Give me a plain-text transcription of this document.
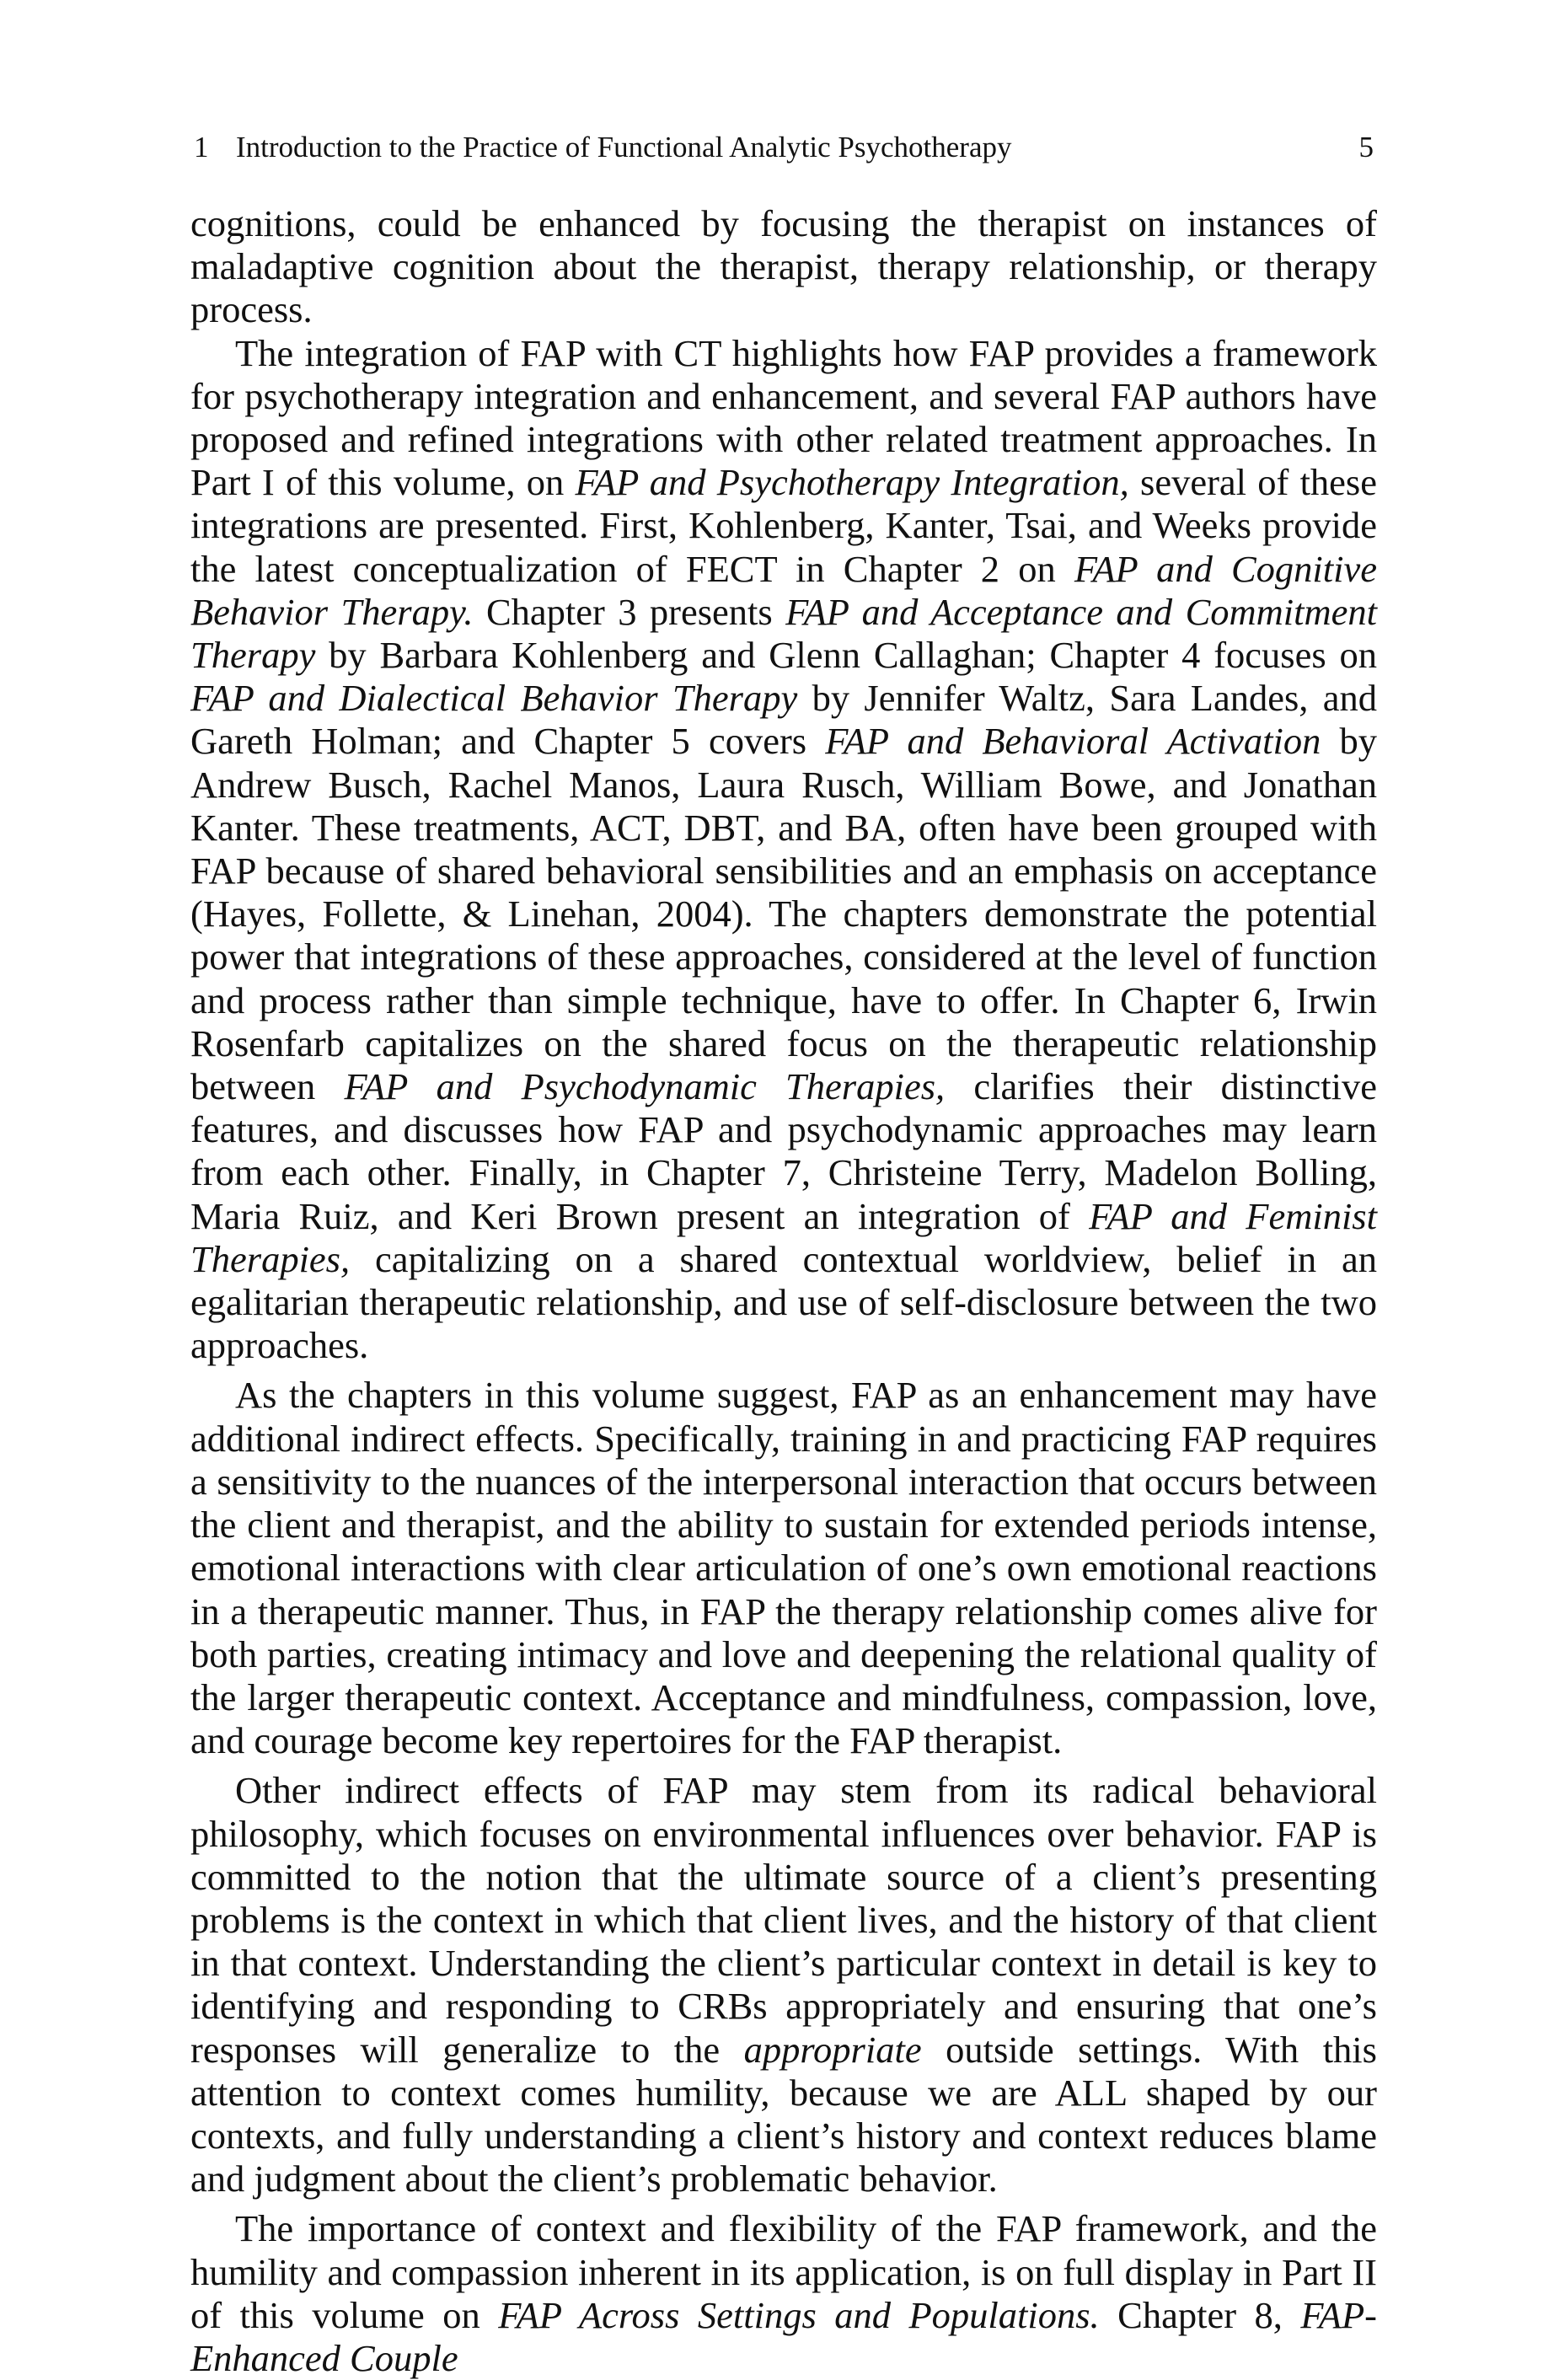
1 Introduction to the Practice of Functional Analytic Psychotherapy	5

cognitions, could be enhanced by focusing the therapist on instances of maladaptive cognition about the therapist, therapy relationship, or therapy process.

The integration of FAP with CT highlights how FAP provides a framework for psychotherapy integration and enhancement, and several FAP authors have proposed and refined integrations with other related treatment approaches. In Part I of this volume, on FAP and Psychotherapy Integration, several of these integrations are presented. First, Kohlenberg, Kanter, Tsai, and Weeks provide the latest conceptualization of FECT in Chapter 2 on FAP and Cognitive Behavior Therapy. Chapter 3 presents FAP and Acceptance and Commitment Therapy by Barbara Kohlenberg and Glenn Callaghan; Chapter 4 focuses on FAP and Dialectical Behavior Therapy by Jennifer Waltz, Sara Landes, and Gareth Holman; and Chapter 5 covers FAP and Behavioral Activation by Andrew Busch, Rachel Manos, Laura Rusch, William Bowe, and Jonathan Kanter. These treatments, ACT, DBT, and BA, often have been grouped with FAP because of shared behavioral sensibilities and an emphasis on acceptance (Hayes, Follette, & Linehan, 2004). The chapters demonstrate the potential power that integrations of these approaches, considered at the level of function and process rather than simple technique, have to offer. In Chapter 6, Irwin Rosenfarb capitalizes on the shared focus on the therapeutic relationship between FAP and Psychodynamic Therapies, clarifies their distinctive features, and discusses how FAP and psychodynamic approaches may learn from each other. Finally, in Chapter 7, Christeine Terry, Madelon Bolling, Maria Ruiz, and Keri Brown present an integration of FAP and Feminist Therapies, capitalizing on a shared contextual worldview, belief in an egalitarian therapeutic relationship, and use of self-disclosure between the two approaches.

As the chapters in this volume suggest, FAP as an enhancement may have additional indirect effects. Specifically, training in and practicing FAP requires a sensitivity to the nuances of the interpersonal interaction that occurs between the client and therapist, and the ability to sustain for extended periods intense, emotional interactions with clear articulation of one’s own emotional reactions in a therapeutic manner. Thus, in FAP the therapy relationship comes alive for both parties, creating intimacy and love and deepening the relational quality of the larger therapeutic context. Acceptance and mindfulness, compassion, love, and courage become key repertoires for the FAP therapist.

Other indirect effects of FAP may stem from its radical behavioral philosophy, which focuses on environmental influences over behavior. FAP is committed to the notion that the ultimate source of a client’s presenting problems is the context in which that client lives, and the history of that client in that context. Understanding the client’s particular context in detail is key to identifying and responding to CRBs appropriately and ensuring that one’s responses will generalize to the appropriate outside settings. With this attention to context comes humility, because we are ALL shaped by our contexts, and fully understanding a client’s history and context reduces blame and judgment about the client’s problematic behavior.

The importance of context and flexibility of the FAP framework, and the humility and compassion inherent in its application, is on full display in Part II of this volume on FAP Across Settings and Populations. Chapter 8, FAP-Enhanced Couple
